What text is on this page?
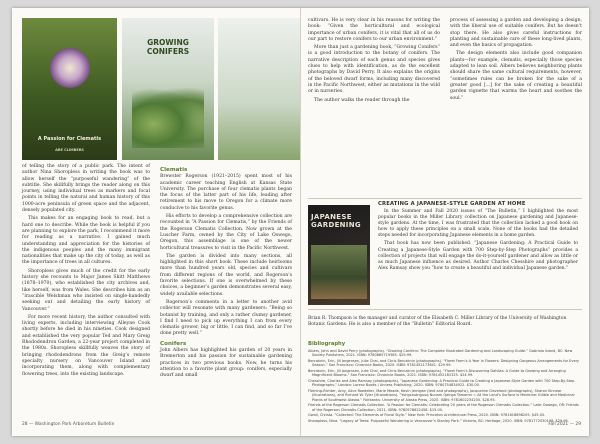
A Passion for Clematis
ARE CLIMBERS
GROWING CONIFERS

of telling the story of a public park. The intent of author Nina Shoropless in writing the book was to allow herself the “purposeful wandering” of the subtitle. She skillfully brings the reader along on this journey, using individual trees as markers and focal points in telling the natural and human history of this 1000-acre peninsula of green space and the adjacent, densely populated city.

This makes for an engaging book to read, but a hard one to describe. While the book is helpful if you are planning to explore the park, I recommend it more for reading as a narrative. I gained much understanding and appreciation for the histories of the indigenous peoples and the many immigrant nationalities that make up the city of today, as well as the importance of trees in all cultures.

Shoropless gives much of the credit for the early history she recounts to Major James Skitt Matthews (1878–1970), who established the city archives and, like herself, was from Wales. She describes him as an “irascible Welshman who insisted on single-handedly seeking out and detailing the early history of Vancouver.”

For more recent history, the author consulted with living experts, including interviewing Alleyne Cook shortly before he died in his nineties. Cook designed and established the very popular Ted and Mary Greig Rhododendron Garden, a 22-year project completed in the 1980s. Shoropless skillfully weaves the story of bringing rhododendrons from the Greig’s remote specialty nursery on Vancouver Island and incorporating them, along with complementary flowering trees, into the existing landscape.

Clematis

Brewster Rogerson (1921–2015) spent most of his academic career teaching English at Kansas State University. The purchase of four clematis plants began the focus of the latter part of his life, leading after retirement to his move to Oregon for a climate more conducive to his favorite genus.

His efforts to develop a comprehensive collection are recounted in “A Passion for Clematis,” by the Friends of the Rogerson Clematis Collection. Now grown at the Luscher Farm, owned by the City of Lake Oswego, Oregon, this assemblage is one of the newer horticultural treasures to visit in the Pacific Northwest.

The garden is divided into many sections, all highlighted in this short book. These include heirlooms more than hundred years old, species and cultivars from different regions of the world, and Rogerson’s favorite selections. If one is overwhelmed by these choices, a beginner’s garden demonstrates several easy, widely available selections.

Rogerson’s comments in a letter to another avid collector will resonate with many gardeners: “Being so botanist by training, and only a rather clumsy gardener, I find I need to pick up everything I can from every clematis grower, big or little, I can find, and so far I’ve done pretty well.”

Conifers

John Albers has highlighted his garden of 20 years in Bremerton and his passion for sustainable gardening practices in two previous books. Now, he turns his attention to a favorite plant group: conifers, especially dwarf and small

28 — Washington Park Arboretum Bulletin

cultivars. He is very clear in his reasons for writing the book: “Given the horticultural and ecological importance of urban conifers, it is vital that all of us do our part to restore conifers to our urban environment.”

More than just a gardening book, “Growing Conifers” is a good introduction to the botany of conifers. The narrative description of each genus and species gives clues to help with identification, as do the excellent photographs by David Perry. It also explains the origins of the beloved dwarf forms, including many discovered in the Pacific Northwest, either as mutations in the wild or in nurseries.

The author walks the reader through the

process of assessing a garden and developing a design, with the liberal use of suitable conifers. But he doesn’t stop there. He also gives careful instructions for planting and sustainable care of these long-lived plants, and even the basics of propagation.

The design elements also include good companion plants—for example, clematis, especially those species adapted to lean soil. Albers believes neighboring plants should share the same cultural requirements, however, “sometimes rules can be broken for the sake of a greater good […] for the sake of creating a beautiful garden vignette that warms the heart and soothes the soul.”

JAPANESE GARDENING
CREATING A JAPANESE-STYLE GARDEN AT HOME

In the Summer and Fall 2020 issues of “The Bulletin,” I highlighted the most popular books in the Miller Library collection on Japanese gardening and Japanese-style gardens. At the time, I was frustrated that the collection lacked a good book on how to apply these principles on a small scale. None of the books had the detailed steps needed for incorporating Japanese elements in a home garden.

That book has now been published. “Japanese Gardening: A Practical Guide to Creating a Japanese-Style Garden with 700 Step-by-Step Photographs” provides a collection of projects that will engage the do-it-yourself gardener and allow as little or as much Japanese influence as desired. Author Charles Chesshire and photographer Alex Ramsay show you “how to create a beautiful and individual Japanese garden.”

Brian R. Thompson is the manager and curator of the Elisabeth C. Miller Library of the University of Washington Botanic Gardens. He is also a member of the “Bulletin” Editorial Board.
Bibliography

Albers, John and David Perry (photographs). “Growing Conifers: The Complete Illustrated Gardening and Landscaping Guide.” Gabriola Island, BC: New Society Publishers, 2021. ISBN: 9780865719385. $29.99.

Bercaknin, Erin, Jill Jorgensen, Julie Chai, and Chris Bercaknin (photographs). “Floret Farm’s A Year in Flowers: Designing Gorgeous Arrangements for Every Season.” San Francisco: Chronicle Books, 2020. ISBN: 9781452173641. $29.99.

Bercaknin, Erin, Jill Jorgensen, Julie Chai, and Chris Bercaknin (photographs). “Floret Farm’s Discovering Dahlias: A Guide to Growing and Arranging Magnificent Blooms.” San Francisco: Chronicle Books, 2021. ISBN: 9781452181325. $24.99.

Chesshire, Charles and Alex Ramsay (photographs). “Japanese Gardening: A Practical Guide to Creating a Japanese-Style Garden with 700 Step-By-Step Photographs.” London: Lorenz Books / Anness Publishing, 2020. ISBN: 9780754834922. $30.00.

Fleming-Richter, Amy, Alice Roedeker, Marie Meade, Kevin Jernigan (text and photographs), Jacqueline Cleveland (photographs), Sharon Kinnear (illustrations), and Richard W. Tyler (illustrations). “Yungcautnguuq Nunam Qainga Tamarmi = All the Land’s Surface Is Medicine: Edible and Medicinal Plants of Southwest Alaska.” Fairbanks: University of Alaska Press, 2020. ISBN: 9781602234200. $28.95.

Friends of the Rogerson Clematis Collection. “A Passion for Clematis: Celebrating 20 years of the Rogerson Clematis Collection.” Lake Oswego, OR: Friends of the Rogerson Clematis Collection, 2021. ISBN: 9780578622458. $15.00.

Gwall, Christa. “Collected: The Elements of Floral Style.” New York: Princeton Architectural Press, 2020. ISBN: 9781616898205. $45.00.

Shoropless, Nina. “Legacy of Trees: Purposeful Wandering in Vancouver’s Stanley Park.” Victoria, BC: Heritage, 2020. ISBN: 9781772030198. $29.95.

Fall 2021 — 29
